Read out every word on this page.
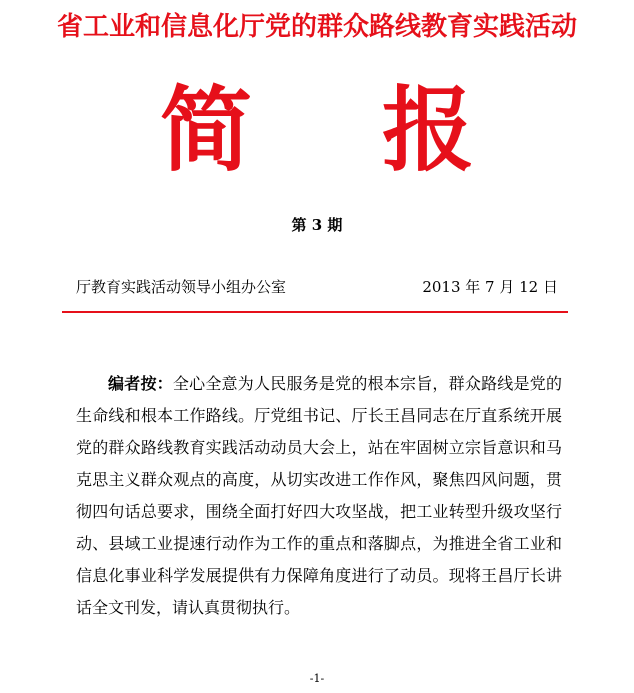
省工业和信息化厅党的群众路线教育实践活动
简报
第 3 期
厅教育实践活动领导小组办公室	2013 年 7 月 12 日
编者按：全心全意为人民服务是党的根本宗旨，群众路线是党的生命线和根本工作路线。厅党组书记、厅长王昌同志在厅直系统开展党的群众路线教育实践活动动员大会上，站在牢固树立宗旨意识和马克思主义群众观点的高度，从切实改进工作作风，聚焦四风问题，贯彻四句话总要求，围绕全面打好四大攻坚战，把工业转型升级攻坚行动、县域工业提速行动作为工作的重点和落脚点，为推进全省工业和信息化事业科学发展提供有力保障角度进行了动员。现将王昌厅长讲话全文刊发，请认真贯彻执行。
-1-
